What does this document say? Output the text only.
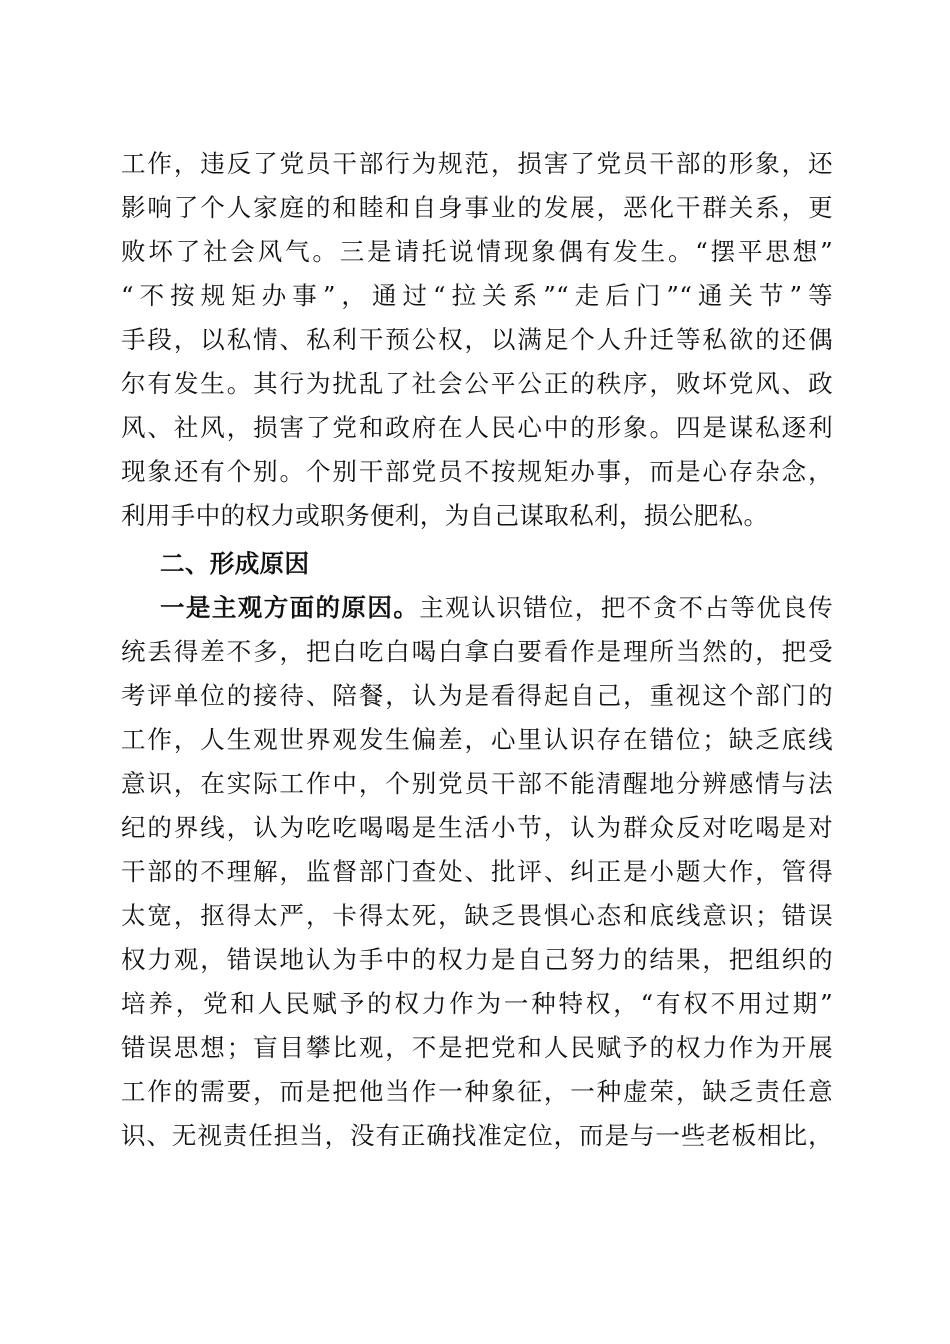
工作，违反了党员干部行为规范，损害了党员干部的形象，还
影响了个人家庭的和睦和自身事业的发展，恶化干群关系，更
败坏了社会风气。三是请托说情现象偶有发生。“摆平思想”
“不按规矩办事”，通过“拉关系”“走后门”“通关节”等
手段，以私情、私利干预公权，以满足个人升迁等私欲的还偶
尔有发生。其行为扰乱了社会公平公正的秩序，败坏党风、政
风、社风，损害了党和政府在人民心中的形象。四是谋私逐利
现象还有个别。个别干部党员不按规矩办事，而是心存杂念，
利用手中的权力或职务便利，为自己谋取私利，损公肥私。
二、形成原因
一是主观方面的原因。主观认识错位，把不贪不占等优良传
统丢得差不多，把白吃白喝白拿白要看作是理所当然的，把受
考评单位的接待、陪餐，认为是看得起自己，重视这个部门的
工作，人生观世界观发生偏差，心里认识存在错位；缺乏底线
意识，在实际工作中，个别党员干部不能清醒地分辨感情与法
纪的界线，认为吃吃喝喝是生活小节，认为群众反对吃喝是对
干部的不理解，监督部门查处、批评、纠正是小题大作，管得
太宽，抠得太严，卡得太死，缺乏畏惧心态和底线意识；错误
权力观，错误地认为手中的权力是自己努力的结果，把组织的
培养，党和人民赋予的权力作为一种特权，“有权不用过期”
错误思想；盲目攀比观，不是把党和人民赋予的权力作为开展
工作的需要，而是把他当作一种象征，一种虚荣，缺乏责任意
识、无视责任担当，没有正确找准定位，而是与一些老板相比，
